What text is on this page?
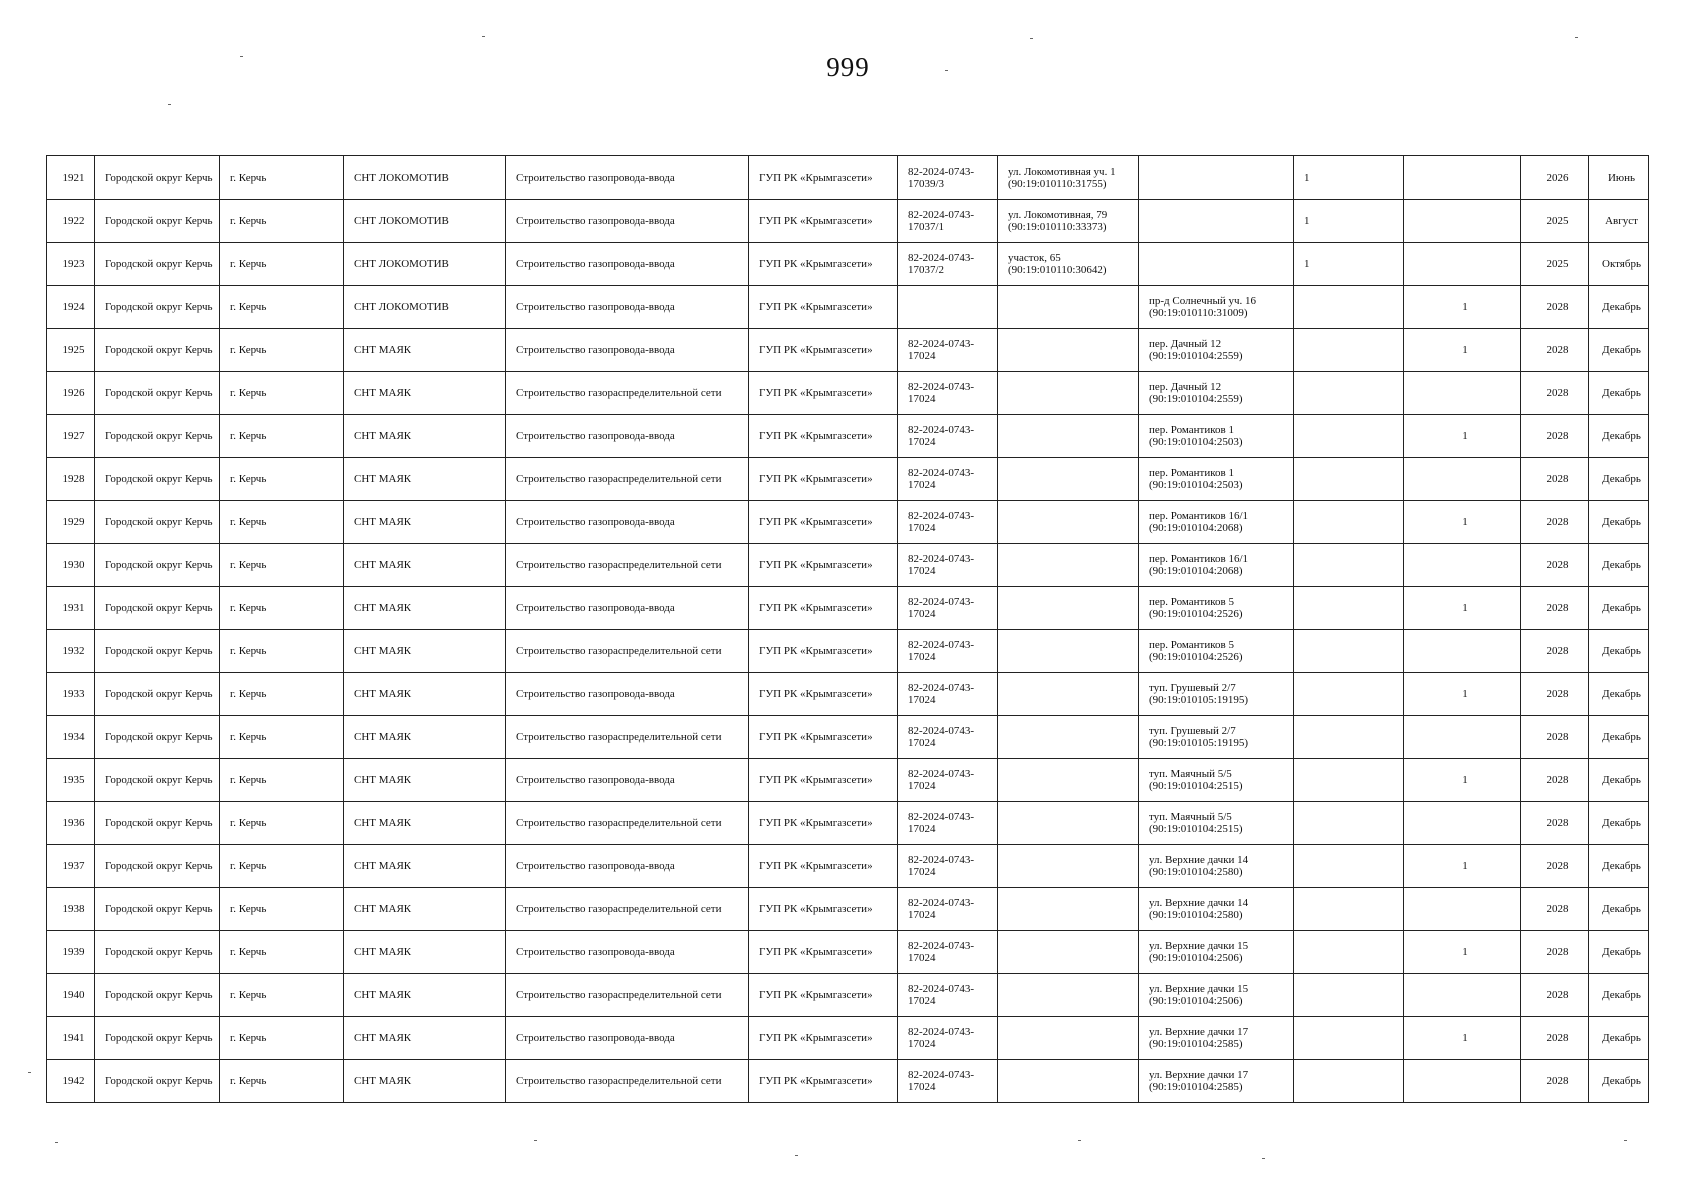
999
1921	Городской округ Керчь	г. Керчь	СНТ ЛОКОМОТИВ	Строительство газопровода-ввода	ГУП РК «Крымгазсети»	82-2024-0743-17039/3	ул. Локомотивная уч. 1 (90:19:010110:31755)		1		2026	Июнь
1922	Городской округ Керчь	г. Керчь	СНТ ЛОКОМОТИВ	Строительство газопровода-ввода	ГУП РК «Крымгазсети»	82-2024-0743-17037/1	ул. Локомотивная, 79 (90:19:010110:33373)		1		2025	Август
1923	Городской округ Керчь	г. Керчь	СНТ ЛОКОМОТИВ	Строительство газопровода-ввода	ГУП РК «Крымгазсети»	82-2024-0743-17037/2	участок, 65 (90:19:010110:30642)		1		2025	Октябрь
1924	Городской округ Керчь	г. Керчь	СНТ ЛОКОМОТИВ	Строительство газопровода-ввода	ГУП РК «Крымгазсети»			пр-д Солнечный уч. 16 (90:19:010110:31009)		1	2028	Декабрь
1925	Городской округ Керчь	г. Керчь	СНТ МАЯК	Строительство газопровода-ввода	ГУП РК «Крымгазсети»	82-2024-0743-17024		пер. Дачный 12 (90:19:010104:2559)		1	2028	Декабрь
1926	Городской округ Керчь	г. Керчь	СНТ МАЯК	Строительство газораспределительной сети	ГУП РК «Крымгазсети»	82-2024-0743-17024		пер. Дачный 12 (90:19:010104:2559)			2028	Декабрь
1927	Городской округ Керчь	г. Керчь	СНТ МАЯК	Строительство газопровода-ввода	ГУП РК «Крымгазсети»	82-2024-0743-17024		пер. Романтиков 1 (90:19:010104:2503)		1	2028	Декабрь
1928	Городской округ Керчь	г. Керчь	СНТ МАЯК	Строительство газораспределительной сети	ГУП РК «Крымгазсети»	82-2024-0743-17024		пер. Романтиков 1 (90:19:010104:2503)			2028	Декабрь
1929	Городской округ Керчь	г. Керчь	СНТ МАЯК	Строительство газопровода-ввода	ГУП РК «Крымгазсети»	82-2024-0743-17024		пер. Романтиков 16/1 (90:19:010104:2068)		1	2028	Декабрь
1930	Городской округ Керчь	г. Керчь	СНТ МАЯК	Строительство газораспределительной сети	ГУП РК «Крымгазсети»	82-2024-0743-17024		пер. Романтиков 16/1 (90:19:010104:2068)			2028	Декабрь
1931	Городской округ Керчь	г. Керчь	СНТ МАЯК	Строительство газопровода-ввода	ГУП РК «Крымгазсети»	82-2024-0743-17024		пер. Романтиков 5 (90:19:010104:2526)		1	2028	Декабрь
1932	Городской округ Керчь	г. Керчь	СНТ МАЯК	Строительство газораспределительной сети	ГУП РК «Крымгазсети»	82-2024-0743-17024		пер. Романтиков 5 (90:19:010104:2526)			2028	Декабрь
1933	Городской округ Керчь	г. Керчь	СНТ МАЯК	Строительство газопровода-ввода	ГУП РК «Крымгазсети»	82-2024-0743-17024		туп. Грушевый 2/7 (90:19:010105:19195)		1	2028	Декабрь
1934	Городской округ Керчь	г. Керчь	СНТ МАЯК	Строительство газораспределительной сети	ГУП РК «Крымгазсети»	82-2024-0743-17024		туп. Грушевый 2/7 (90:19:010105:19195)			2028	Декабрь
1935	Городской округ Керчь	г. Керчь	СНТ МАЯК	Строительство газопровода-ввода	ГУП РК «Крымгазсети»	82-2024-0743-17024		туп. Маячный 5/5 (90:19:010104:2515)		1	2028	Декабрь
1936	Городской округ Керчь	г. Керчь	СНТ МАЯК	Строительство газораспределительной сети	ГУП РК «Крымгазсети»	82-2024-0743-17024		туп. Маячный 5/5 (90:19:010104:2515)			2028	Декабрь
1937	Городской округ Керчь	г. Керчь	СНТ МАЯК	Строительство газопровода-ввода	ГУП РК «Крымгазсети»	82-2024-0743-17024		ул. Верхние дачки 14 (90:19:010104:2580)		1	2028	Декабрь
1938	Городской округ Керчь	г. Керчь	СНТ МАЯК	Строительство газораспределительной сети	ГУП РК «Крымгазсети»	82-2024-0743-17024		ул. Верхние дачки 14 (90:19:010104:2580)			2028	Декабрь
1939	Городской округ Керчь	г. Керчь	СНТ МАЯК	Строительство газопровода-ввода	ГУП РК «Крымгазсети»	82-2024-0743-17024		ул. Верхние дачки 15 (90:19:010104:2506)		1	2028	Декабрь
1940	Городской округ Керчь	г. Керчь	СНТ МАЯК	Строительство газораспределительной сети	ГУП РК «Крымгазсети»	82-2024-0743-17024		ул. Верхние дачки 15 (90:19:010104:2506)			2028	Декабрь
1941	Городской округ Керчь	г. Керчь	СНТ МАЯК	Строительство газопровода-ввода	ГУП РК «Крымгазсети»	82-2024-0743-17024		ул. Верхние дачки 17 (90:19:010104:2585)		1	2028	Декабрь
1942	Городской округ Керчь	г. Керчь	СНТ МАЯК	Строительство газораспределительной сети	ГУП РК «Крымгазсети»	82-2024-0743-17024		ул. Верхние дачки 17 (90:19:010104:2585)			2028	Декабрь
